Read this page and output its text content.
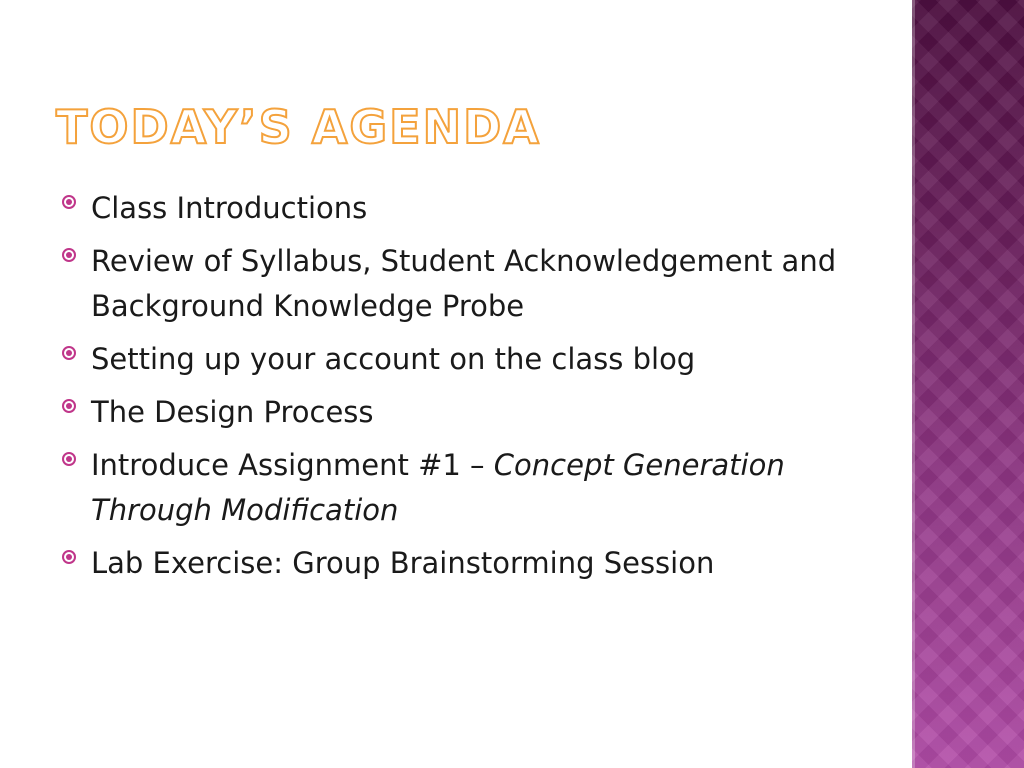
TODAY’S AGENDA
Class Introductions
Review of Syllabus, Student Acknowledgement and Background Knowledge Probe
Setting up your account on the class blog
The Design Process
Introduce Assignment #1 – Concept Generation Through Modification
Lab Exercise: Group Brainstorming Session
